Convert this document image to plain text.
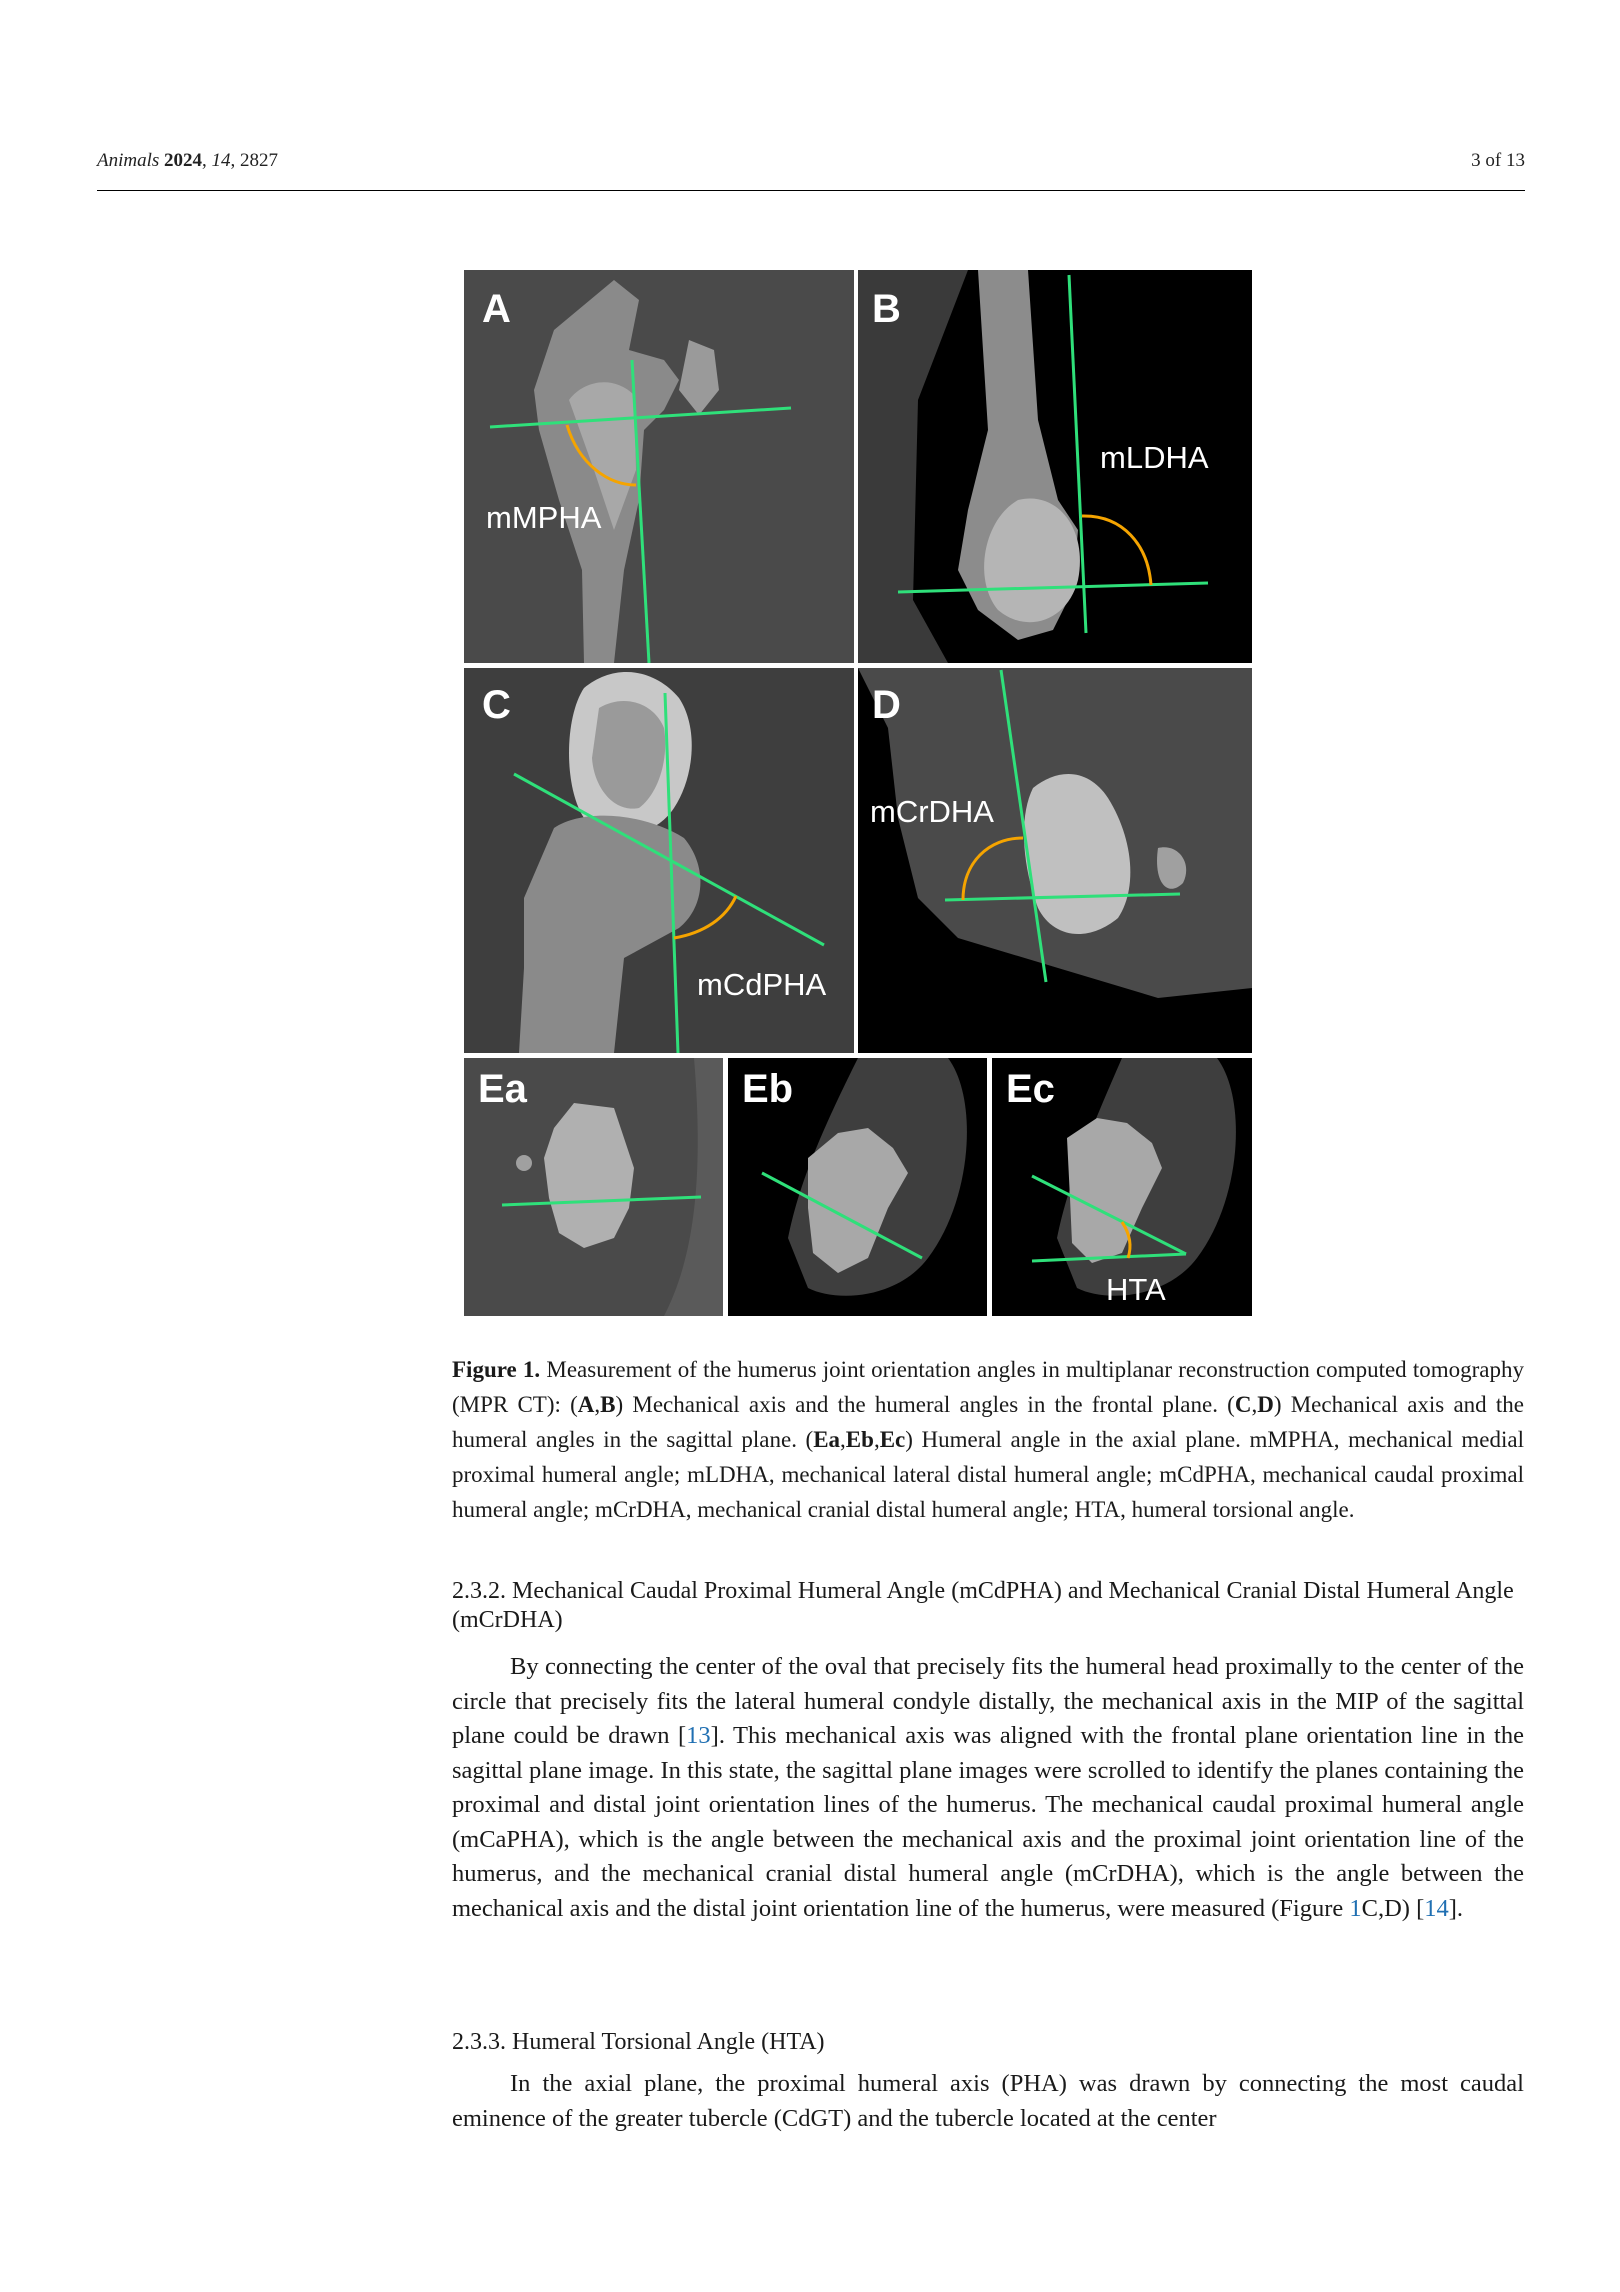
Animals 2024, 14, 2827	3 of 13
A
mMPHA
B
mLDHA
C
mCdPHA
D
mCrDHA
Ea	Eb	Ec
HTA

Figure 1. Measurement of the humerus joint orientation angles in multiplanar reconstruction computed tomography (MPR CT): (A,B) Mechanical axis and the humeral angles in the frontal plane. (C,D) Mechanical axis and the humeral angles in the sagittal plane. (Ea,Eb,Ec) Humeral angle in the axial plane. mMPHA, mechanical medial proximal humeral angle; mLDHA, mechanical lateral distal humeral angle; mCdPHA, mechanical caudal proximal humeral angle; mCrDHA, mechanical cranial distal humeral angle; HTA, humeral torsional angle.

2.3.2. Mechanical Caudal Proximal Humeral Angle (mCdPHA) and Mechanical Cranial Distal Humeral Angle (mCrDHA)

By connecting the center of the oval that precisely fits the humeral head proximally to the center of the circle that precisely fits the lateral humeral condyle distally, the mechanical axis in the MIP of the sagittal plane could be drawn [13]. This mechanical axis was aligned with the frontal plane orientation line in the sagittal plane image. In this state, the sagittal plane images were scrolled to identify the planes containing the proximal and distal joint orientation lines of the humerus. The mechanical caudal proximal humeral angle (mCaPHA), which is the angle between the mechanical axis and the proximal joint orientation line of the humerus, and the mechanical cranial distal humeral angle (mCrDHA), which is the angle between the mechanical axis and the distal joint orientation line of the humerus, were measured (Figure 1C,D) [14].

2.3.3. Humeral Torsional Angle (HTA)

In the axial plane, the proximal humeral axis (PHA) was drawn by connecting the most caudal eminence of the greater tubercle (CdGT) and the tubercle located at the center
